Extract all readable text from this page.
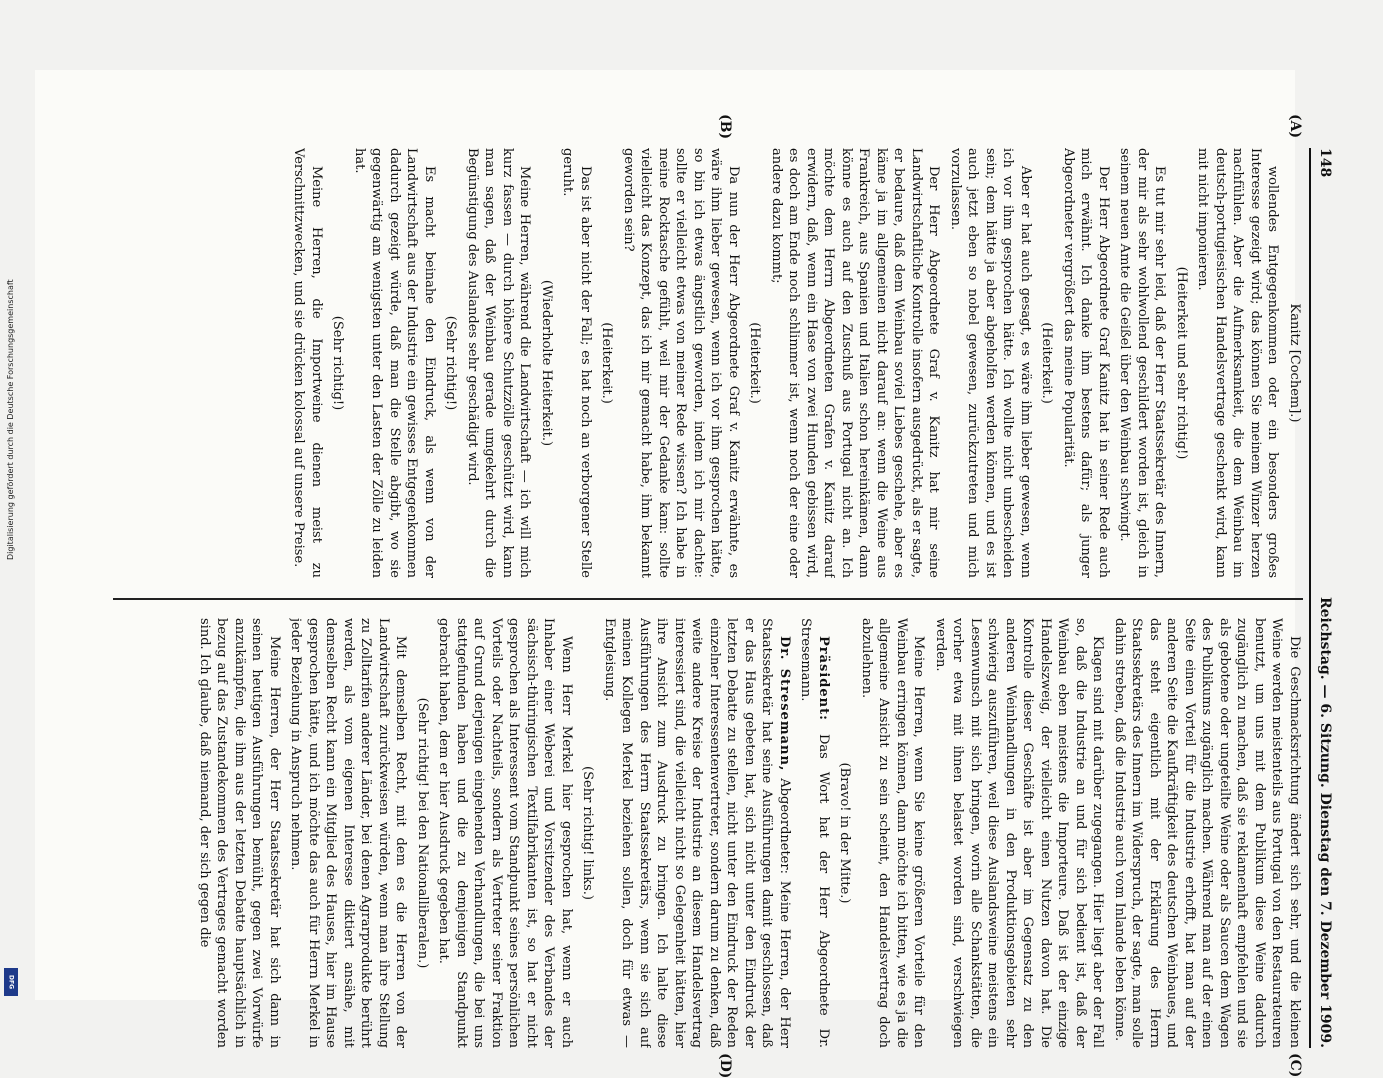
148
Reichstag. — 6. Sitzung. Dienstag den 7. Dezember 1909.

Kanitz [Cochem].)

wollendes Entgegenkommen oder ein besonders großes Interesse gezeigt wird; das können Sie meinem Winzer herzen nachfühlen. Aber die Aufmerksamkeit, die dem Weinbau im deutsch-portugiesischen Handelsvertrage geschenkt wird, kann mit nicht imponieren.

(Heiterkeit und sehr richtig!)

Es tut mir sehr leid, daß der Herr Staatssekretär des Innern, der mir als sehr wohlwollend geschildert worden ist, gleich in seinem neuen Amte die Geißel über den Weinbau schwingt.

Der Herr Abgeordnete Graf Kanitz hat in seiner Rede auch mich erwähnt. Ich danke ihm bestens dafür; als junger Abgeordneter vergrößert das meine Popularität.

(Heiterkeit.)

Aber er hat auch gesagt, es wäre ihm lieber gewesen, wenn ich vor ihm gesprochen hätte. Ich wollte nicht unbescheiden sein; dem hätte ja aber abgeholfen werden können, und es ist auch jetzt eben so nobel gewesen, zurückzutreten und mich vorzulassen.

Der Herr Abgeordnete Graf v. Kanitz hat mir seine Landwirtschaftliche Kontrolle insofern ausgedrückt, als er sagte, er bedaure, daß dem Weinbau soviel Liebes geschehe, aber es käme ja im allgemeinen nicht darauf an: wenn die Weine aus Frankreich, aus Spanien und Italien schon hereinkämen, dann könne es auch auf den Zuschuß aus Portugal nicht an. Ich möchte dem Herrn Abgeordneten Grafen v. Kanitz darauf erwidern, daß, wenn ein Hase von zwei Hunden gebissen wird, es doch am Ende noch schlimmer ist, wenn noch der eine oder andere dazu kommt;

(Heiterkeit.)

Da nun der Herr Abgeordnete Graf v. Kanitz erwähnte, es wäre ihm lieber gewesen, wenn ich vor ihm gesprochen hätte, so bin ich etwas ängstlich geworden, indem ich mir dachte: sollte er vielleicht etwas von meiner Rede wissen? Ich habe in meine Rocktasche gefühlt, weil mir der Gedanke kam: sollte vielleicht das Konzept, das ich mir gemacht habe, ihm bekannt geworden sein?

(Heiterkeit.)

Das ist aber nicht der Fall; es hat noch an verborgener Stelle geruht.

(Wiederholte Heiterkeit.)

Meine Herren, während die Landwirtschaft — ich will mich kurz fassen — durch höhere Schutzzölle geschützt wird, kann man sagen, daß der Weinbau gerade umgekehrt durch die Begünstigung des Auslandes sehr geschädigt wird.

(Sehr richtig!)

Es macht beinahe den Eindruck, als wenn von der Landwirtschaft aus der Industrie ein gewisses Entgegenkommen dadurch gezeigt würde, daß man die Stelle abgibt, wo sie gegenwärtig am wenigsten unter den Lasten der Zölle zu leiden hat.

(Sehr richtig!)

Meine Herren, die Importweine dienen meist zu Verschnittzwecken, und sie drücken kolossal auf unsere Preise.

Die Geschmacksrichtung ändert sich sehr, und die kleinen Weine werden meistenteils aus Portugal von den Restaurateuren benutzt, um uns mit dem Publikum diese Weine dadurch zugänglich zu machen, daß sie reklamenhaft empfehlen und sie als gebotene oder ungeteilte Weine oder als Saucen dem Wagen des Publikums zugänglich machen. Während man auf der einen Seite einen Vorteil für die Industrie erhofft, hat man auf der anderen Seite die Kaufkräftigkeit des deutschen Weinbaues, und das steht eigentlich mit der Erklärung des Herrn Staatssekretärs des Innern im Widerspruch, der sagte, man solle dahin streben, daß die Industrie auch vom Inlande leben könne.

Klagen sind mit darüber zugegangen. Hier liegt aber der Fall so, daß die Industrie an und für sich bedient ist, daß der Weinbau eben meistens die Importeure. Daß ist der einzige Handelszweig, der vielleicht einen Nutzen davon hat. Die Kontrolle dieser Geschäfte ist aber im Gegensatz zu den anderen Weinhandlungen in den Produktionsgebieten sehr schwierig auszuführen, weil diese Auslandsweine meistens ein Lesenwunsch mit sich bringen, worin alle Schankstätten, die vorher etwa mit ihnen belastet worden sind, verschwiegen werden.

Meine Herren, wenn Sie keine größeren Vorteile für den Weinbau erringen können, dann möchte ich bitten, wie es ja die allgemeine Ansicht zu sein scheint, den Handelsvertrag doch abzulehnen.

(Bravo! in der Mitte.)

Präsident: Das Wort hat der Herr Abgeordnete Dr. Stresemann.

Dr. Stresemann, Abgeordneter: Meine Herren, der Herr Staatssekretär hat seine Ausführungen damit geschlossen, daß er das Haus gebeten hat, sich nicht unter den Eindruck der letzten Debatte zu stellen, nicht unter den Eindruck der Reden einzelner Interessentenvertreter, sondern darum zu denken, daß weite andere Kreise der Industrie an diesem Handelsvertrag interessiert sind, die vielleicht nicht so Gelegenheit hätten, hier ihre Ansicht zum Ausdruck zu bringen. Ich halte diese Ausführungen des Herrn Staatssekretärs, wenn sie sich auf meinen Kollegen Merkel beziehen sollen, doch für etwas — Entgleisung.

(Sehr richtig! links.)

Wenn Herr Merkel hier gesprochen hat, wenn er auch Inhaber einer Weberei und Vorsitzender des Verbandes der sächsisch-thüringischen Textilfabrikanten ist, so hat er nicht gesprochen als Interessent vom Standpunkt seines persönlichen Vorteils oder Nachteils, sondern als Vertreter seiner Fraktion auf Grund derjenigen eingehenden Verhandlungen, die bei uns stattgefunden haben und die zu demjenigen Standpunkt gebracht haben, dem er hier Ausdruck gegeben hat.

(Sehr richtig! bei den Nationalliberalen.)

Mit demselben Recht, mit dem es die Herren von der Landwirtschaft zurückweisen würden, wenn man ihre Stellung zu Zolltarifen anderer Länder, bei denen Agrarprodukte berührt werden, als vom eigenen Interesse diktiert ansähe, mit demselben Recht kann ein Mitglied des Hauses, hier im Hause gesprochen hätte, und ich möchte das auch für Herrn Merkel in jeder Beziehung in Anspruch nehmen.

Meine Herren, der Herr Staatssekretär hat sich dann in seinen heutigen Ausführungen bemüht, gegen zwei Vorwürfe anzukämpfen, die ihm aus der letzten Debatte hauptsächlich in bezug auf das Zustandekommen des Vertrages gemacht worden sind. Ich glaube, daß niemand, der sich gegen die

(A)
(B)
(C)
(D)
Digitalisierung gefördert durch die Deutsche Forschungsgemeinschaft
DFG
